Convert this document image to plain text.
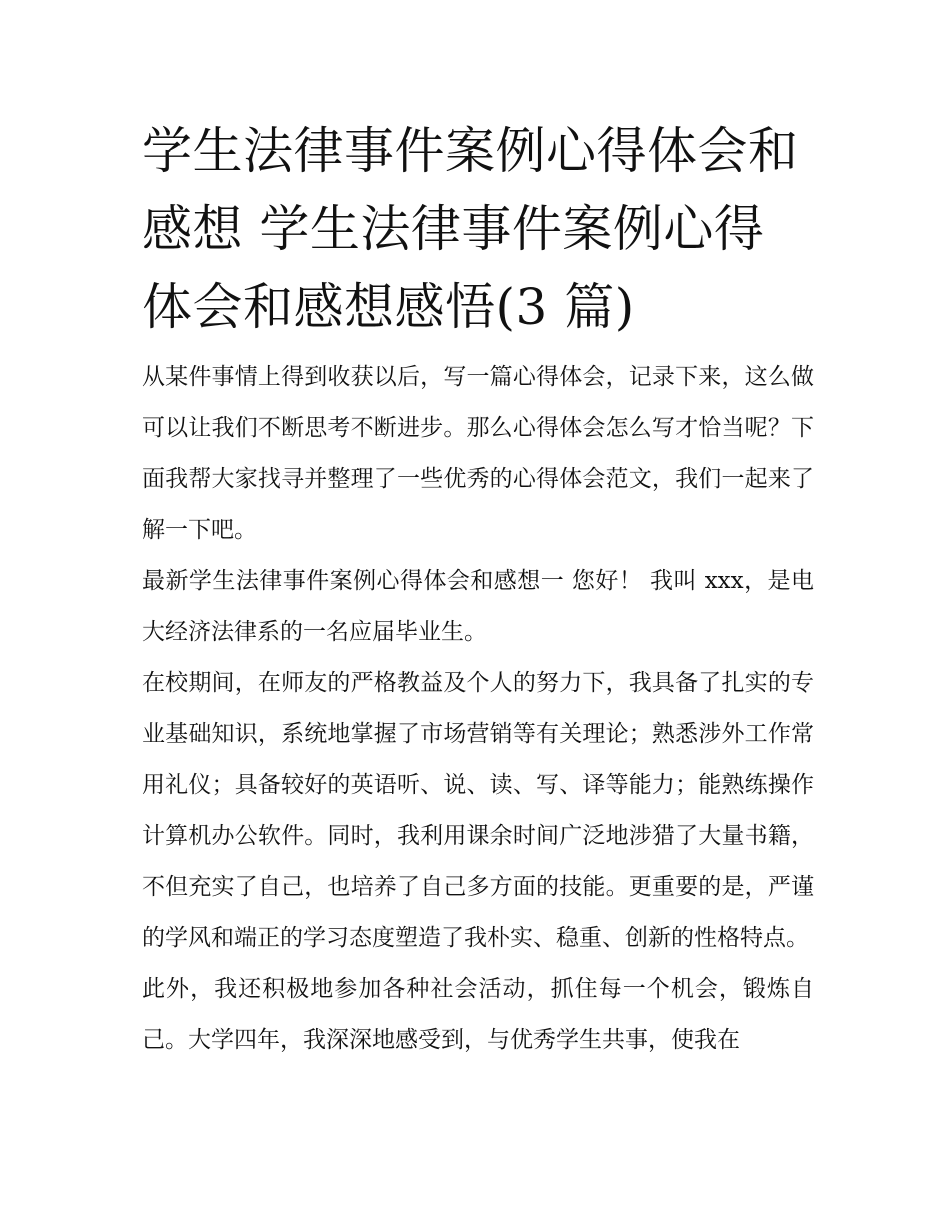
学生法律事件案例心得体会和感想 学生法律事件案例心得体会和感想感悟(3 篇)

从某件事情上得到收获以后，写一篇心得体会，记录下来，这么做可以让我们不断思考不断进步。那么心得体会怎么写才恰当呢？下面我帮大家找寻并整理了一些优秀的心得体会范文，我们一起来了解一下吧。

最新学生法律事件案例心得体会和感想一 您好！ 我叫 xxx，是电大经济法律系的一名应届毕业生。

在校期间，在师友的严格教益及个人的努力下，我具备了扎实的专业基础知识，系统地掌握了市场营销等有关理论；熟悉涉外工作常用礼仪；具备较好的英语听、说、读、写、译等能力；能熟练操作计算机办公软件。同时，我利用课余时间广泛地涉猎了大量书籍，不但充实了自己，也培养了自己多方面的技能。更重要的是，严谨的学风和端正的学习态度塑造了我朴实、稳重、创新的性格特点。

此外，我还积极地参加各种社会活动，抓住每一个机会，锻炼自己。大学四年，我深深地感受到，与优秀学生共事，使我在
